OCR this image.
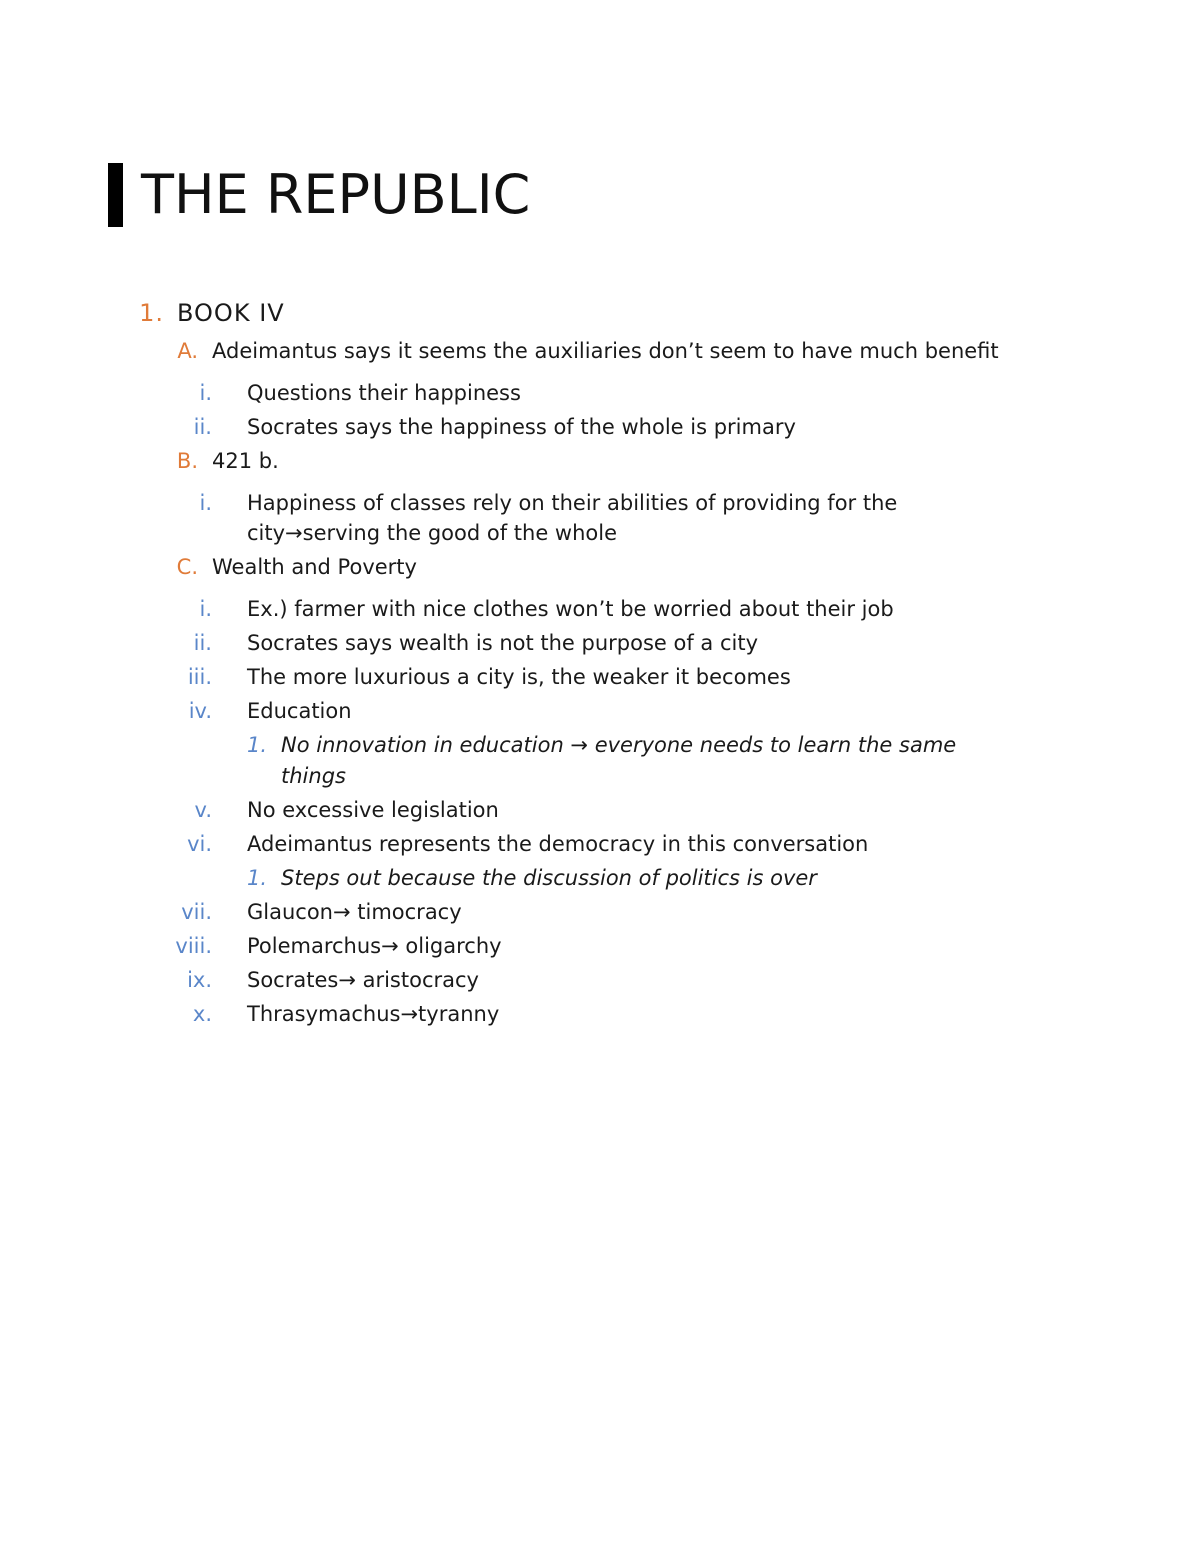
THE REPUBLIC
1. BOOK IV
A. Adeimantus says it seems the auxiliaries don’t seem to have much benefit
i. Questions their happiness
ii. Socrates says the happiness of the whole is primary
B. 421 b.
i. Happiness of classes rely on their abilities of providing for the
city→serving the good of the whole
C. Wealth and Poverty
i. Ex.) farmer with nice clothes won’t be worried about their job
ii. Socrates says wealth is not the purpose of a city
iii. The more luxurious a city is, the weaker it becomes
iv. Education
1. No innovation in education → everyone needs to learn the same
things
v. No excessive legislation
vi. Adeimantus represents the democracy in this conversation
1. Steps out because the discussion of politics is over
vii. Glaucon→ timocracy
viii. Polemarchus→ oligarchy
ix. Socrates→ aristocracy
x. Thrasymachus→tyranny
